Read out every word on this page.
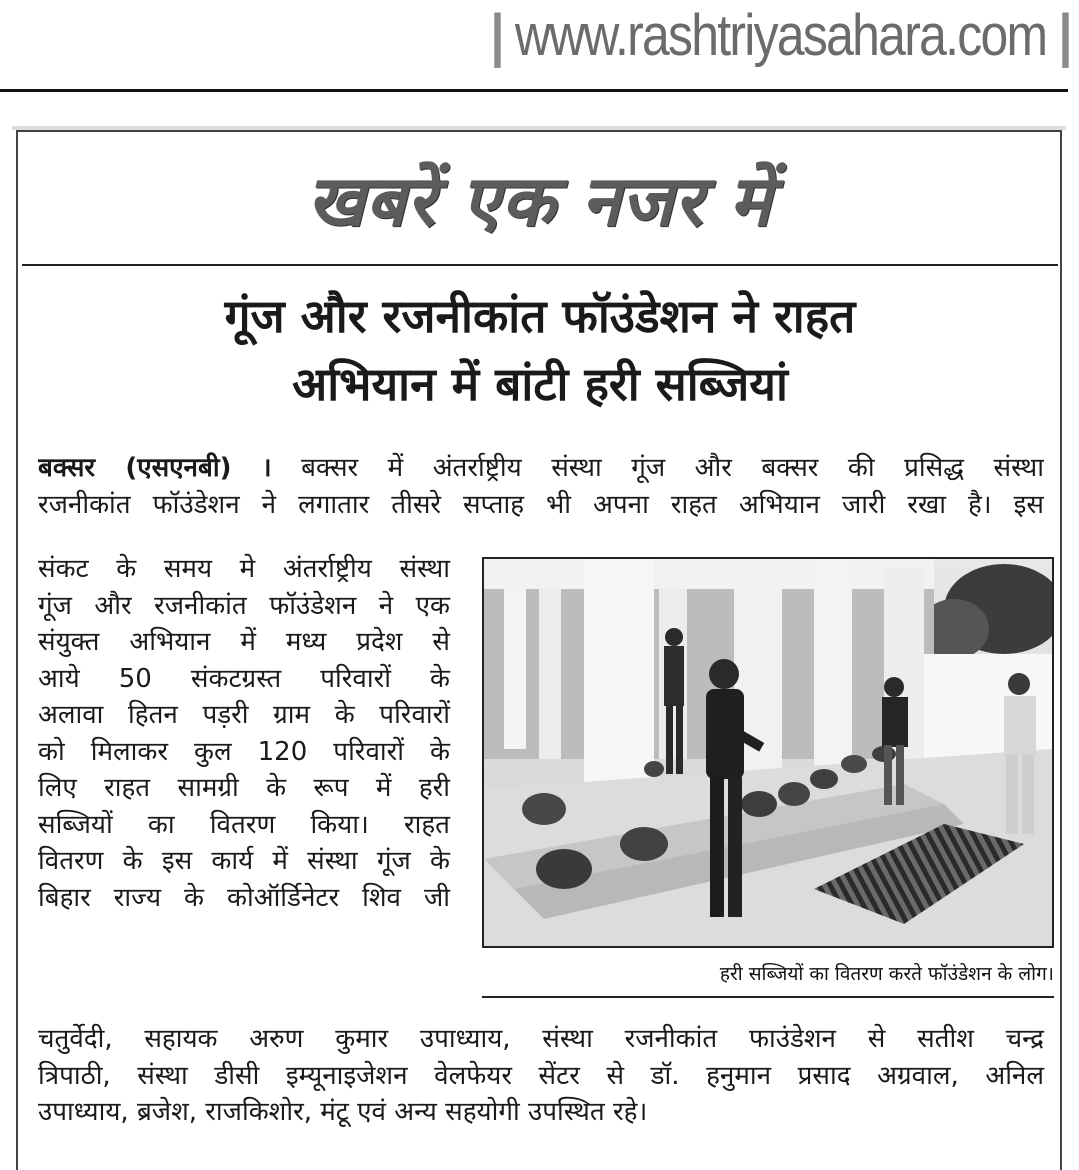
| www.rashtriyasahara.com |
खबरें एक नजर में
गूंज और रजनीकांत फॉउंडेशन ने राहत
अभियान में बांटी हरी सब्जियां
बक्सर (एसएनबी) । बक्सर में अंतर्राष्ट्रीय संस्था गूंज और बक्सर की प्रसिद्ध संस्था
रजनीकांत फॉउंडेशन ने लगातार तीसरे सप्ताह भी अपना राहत अभियान जारी रखा है। इस
संकट के समय मे अंतर्राष्ट्रीय संस्था
गूंज और रजनीकांत फॉउंडेशन ने एक
संयुक्त अभियान में मध्य प्रदेश से
आये 50 संकटग्रस्त परिवारों के
अलावा हितन पड़री ग्राम के परिवारों
को मिलाकर कुल 120 परिवारों के
लिए राहत सामग्री के रूप में हरी
सब्जियों का वितरण किया। राहत
वितरण के इस कार्य में संस्था गूंज के
बिहार राज्य के कोऑर्डिनेटर शिव जी
हरी सब्जियों का वितरण करते फॉउंडेशन के लोग।
चतुर्वेदी, सहायक अरुण कुमार उपाध्याय, संस्था रजनीकांत फाउंडेशन से सतीश चन्द्र
त्रिपाठी, संस्था डीसी इम्यूनाइजेशन वेलफेयर सेंटर से डॉ. हनुमान प्रसाद अग्रवाल, अनिल
उपाध्याय, ब्रजेश, राजकिशोर, मंटू एवं अन्य सहयोगी उपस्थित रहे।
